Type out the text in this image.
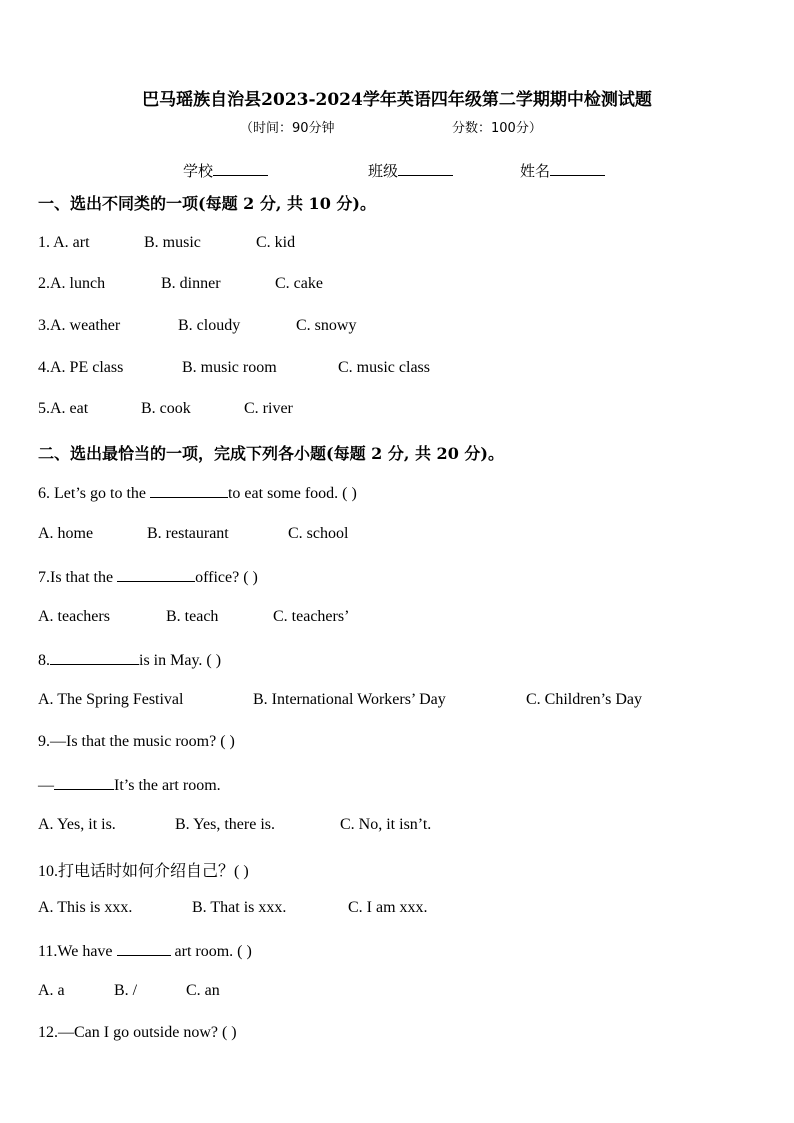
巴马瑶族自治县2023-2024学年英语四年级第二学期期中检测试题
（时间：90分钟	分数：100分）
学校	班级	姓名
一、选出不同类的一项(每题 2 分, 共 10 分)。
1. A. art	B. music	C. kid
2.A. lunch	B. dinner	C. cake
3.A. weather	B. cloudy	C. snowy
4.A. PE class	B. music room	C. music class
5.A. eat	B. cook	C. river
二、选出最恰当的一项，完成下列各小题(每题 2 分, 共 20 分)。
6. Let’s go to the	to eat some food. ( )
A. home	B. restaurant	C. school
7.Is that the	office? ( )
A. teachers	B. teach	C. teachers’
8.	is in May. ( )
A. The Spring Festival	B. International Workers’ Day	C. Children’s Day
9.—Is that the music room? ( )
—	It’s the art room.
A. Yes, it is.	B. Yes, there is.	C. No, it isn’t.
10.打电话时如何介绍自己？( )
A. This is xxx.	B. That is xxx.	C. I am xxx.
11.We have	art room. ( )
A. a	B. /	C. an
12.—Can I go outside now? ( )
